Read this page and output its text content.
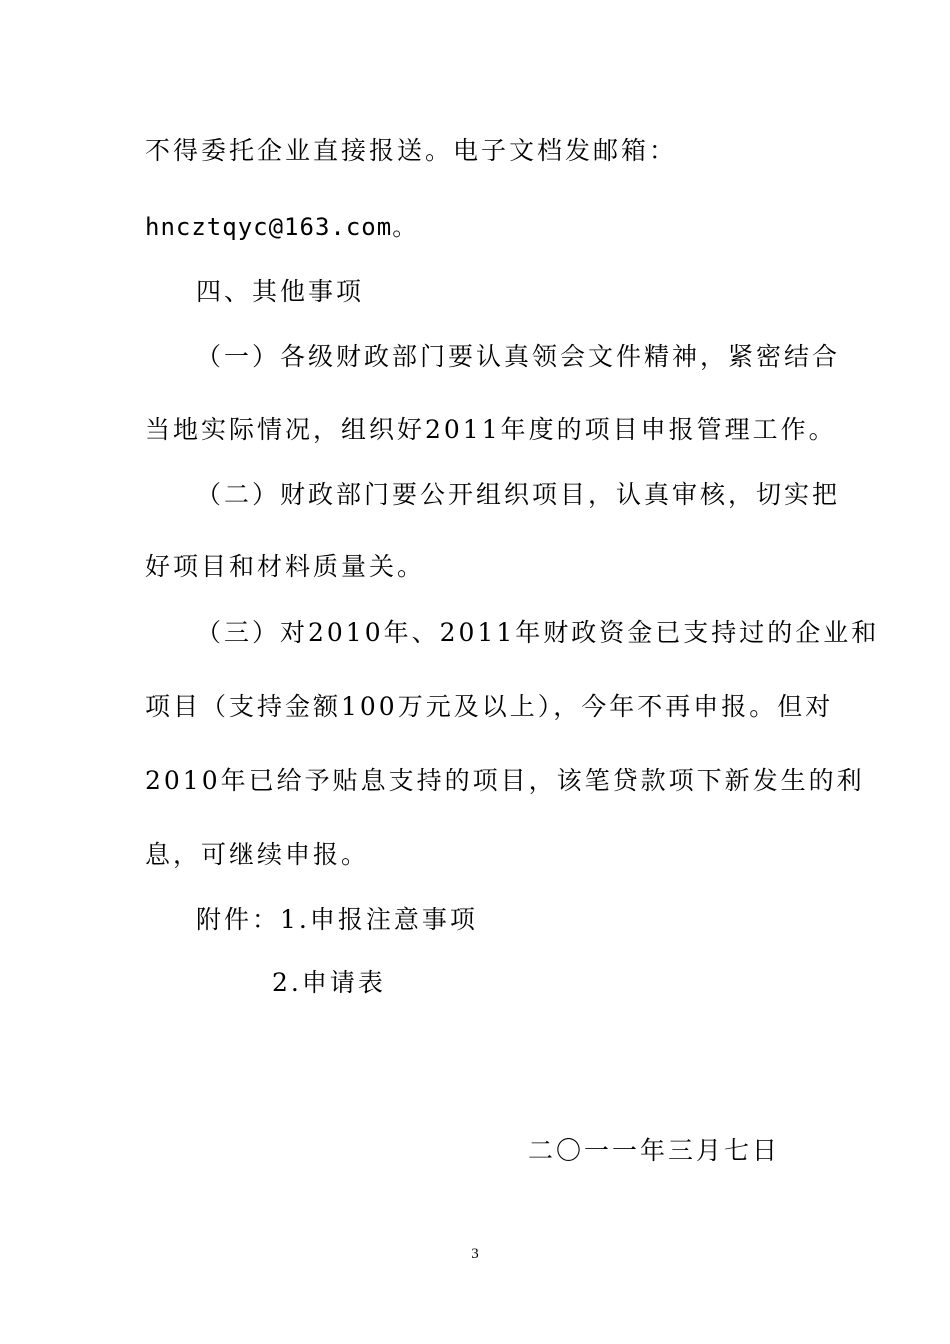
不得委托企业直接报送。电子文档发邮箱：
hncztqyc@163.com。
四、其他事项
（一）各级财政部门要认真领会文件精神，紧密结合
当地实际情况，组织好2011年度的项目申报管理工作。
（二）财政部门要公开组织项目，认真审核，切实把
好项目和材料质量关。
（三）对2010年、2011年财政资金已支持过的企业和
项目（支持金额100万元及以上），今年不再申报。但对
2010年已给予贴息支持的项目，该笔贷款项下新发生的利
息，可继续申报。
附件：1.申报注意事项
2.申请表
二〇一一年三月七日
3
